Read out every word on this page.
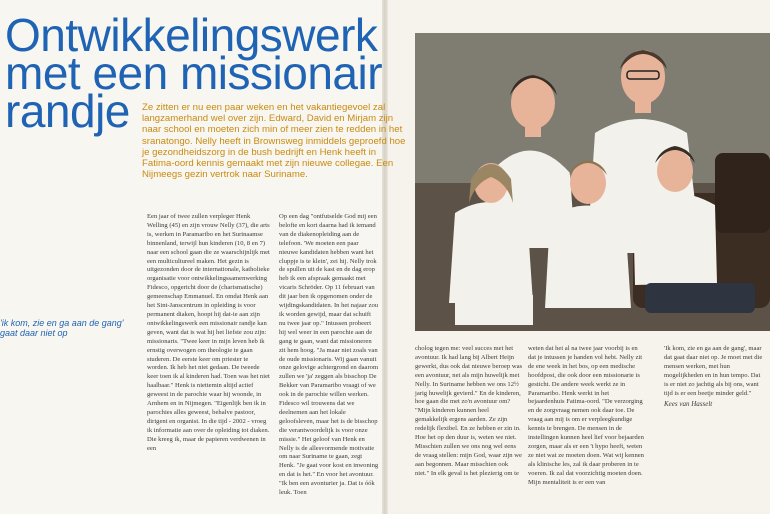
Ontwikkelingswerk
met een missionair
randje	Ze zitten er nu een paar weken en het vakantiegevoel zal langzamerhand wel over zijn. Edward, David en Mirjam zijn naar school en moeten zich min of meer zien te redden in het sranatongo. Nelly heeft in Brownsweg inmiddels geproefd hoe je gezondheidszorg in de bush bedrijft en Henk heeft in Fatima-oord kennis gemaakt met zijn nieuwe collegae. Een Nijmeegs gezin vertrok naar Suriname.

'ik kom, zie en ga aan de gang'
gaat daar niet op

Een jaar of twee zullen verpleger Henk Welling (45) en zijn vrouw Nelly (37), die arts is, werken in Paramaribo en het Surinaamse binnenland, terwijl hun kinderen (10, 8 en 7) naar een school gaan die ze waarschijnlijk met een multicultureel maken. Het gezin is uitgezonden door de internationale, katholieke organisatie voor ontwikkelingssamenwerking Fidesco, opgericht door de (charismatische) gemeenschap Emmanuel. En omdat Henk aan het Sint-Janscentrum in opleiding is voor permanent diaken, hoopt hij dat-ie aan zijn ontwikkelingswerk een missionair randje kan geven, want dat is wat hij het liefste zou zijn: missionaris. "Twee keer in mijn leven heb ik ernstig overwogen om theologie te gaan studeren. De eerste keer om priester te worden. Ik heb het niet gedaan. De tweede keer toen ik al kinderen had. Toen was het niet haalbaar." Henk is niettemin altijd actief geweest in de parochie waar hij woonde, in Arnhem en in Nijmegen. "Eigenlijk ben ik in parochies alles geweest, behalve pastoor, dirigent en organist. In die tijd - 2002 - vroeg ik informatie aan over de opleiding tot diaken. Die kreeg ik, maar de papieren verdwenen in een

Op een dag "ontfutselde God mij een belofte en kort daarna had ik iemand van de diakenopleiding aan de telefoon. 'We moeten een paar nieuwe kandidaten hebben want het cluppje is te klein', zei hij. Nelly trok de spullen uit de kast en de dag erop heb ik een afspraak gemaakt met vicaris Schröder. Op 11 februari van dit jaar ben ik opgenomen onder de wijdingskandidaten. In het najaar zou ik worden gewijd, maar dat schuift nu twee jaar op." Intussen probeert hij wel weer in een parochie aan de gang te gaan, want dat missioneren zit hem hoog. "Ja maar niet zoals van de oude missionaris. Wij gaan vanuit onze gelovige achtergrond en daarom zullen we 'ja' zeggen als bisschop De Bekker van Paramaribo vraagt of we ook in de parochie willen werken. Fidesco wil trouwens dat we deelnemen aan het lokale geloofsleven, maar het is de bisschop die verantwoordelijk is voor onze missie." Het geloof van Henk en Nelly is de allesvormende motivatie om naar Suriname te gaan, zegt Henk. "Je gaat voor kost en inwoning en dat is het." En voor het avontuur. "Ik ben een avonturier ja. Dat is óók leuk. Toen

cholog tegen me: veel succes met het avontuur. Ik had lang bij Albert Heijn gewerkt, dus ook dat nieuwe beroep was een avontuur, net als mijn huwelijk met Nelly. In Suriname hebben we ons 12½ jarig huwelijk gevierd." En de kinderen, hoe gaan die met zo'n avontuur om? "Mijn kinderen kunnen heel gemakkelijk ergens aarden. Ze zijn redelijk flexibel. En ze hebben er zin in. Hoe het op den duur is, weten we niet. Misschien zullen we ons nog wel eens de vraag stellen: mijn God, waar zijn we aan begonnen. Maar misschien ook niet." In elk geval is het plezierig om te

weten dat het al na twee jaar voorbij is en dat je intussen je handen vol hebt. Nelly zit de ene week in het bos, op een medische hoofdpost, die ook door een missionarie is gesticht. De andere week werkt ze in Paramaribo. Henk werkt in het bejaardenhuis Fatima-oord. "De verzorging en de zorgvraag nemen ook daar toe. De vraag aan mij is om er verpleegkundige kennis te brengen. De mensen in de instellingen kunnen heel lief voor bejaarden zorgen, maar als er een 't hypo heeft, weten ze niet wat ze moeten doen. Wat wij kennen als klinische les, zal ik daar proberen in te voeren. Ik zal dat voorzichtig moeten doen. Mijn mentaliteit is er een van

'Ik kom, zie en ga aan de gang', maar dat gaat daar niet op. Je moet met die mensen werken, met hun mogelijkheden en in hun tempo. Dat is er niet zo jachtig als bij ons, want tijd is er een beetje minder geld."

Kees van Hasselt
